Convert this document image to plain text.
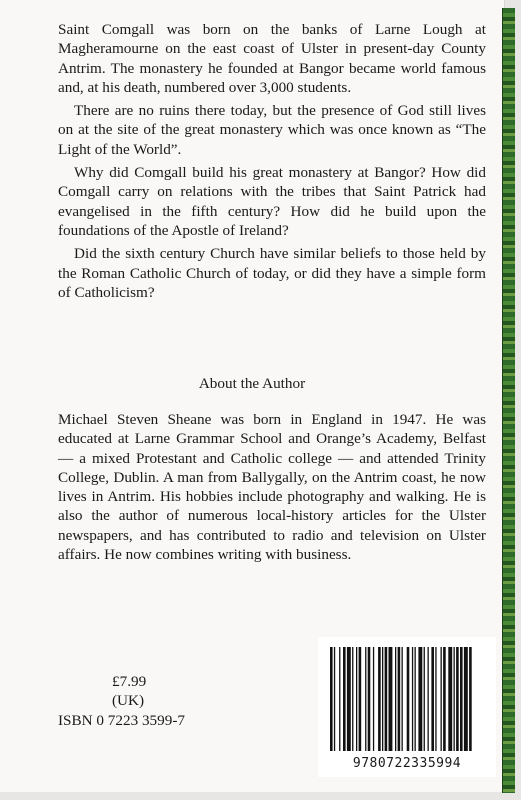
Saint Comgall was born on the banks of Larne Lough at Magheramourne on the east coast of Ulster in present-day County Antrim. The monastery he founded at Bangor became world famous and, at his death, numbered over 3,000 students.

There are no ruins there today, but the presence of God still lives on at the site of the great monastery which was once known as “The Light of the World”.

Why did Comgall build his great monastery at Bangor? How did Comgall carry on relations with the tribes that Saint Patrick had evangelised in the fifth century? How did he build upon the foundations of the Apostle of Ireland?

Did the sixth century Church have similar beliefs to those held by the Roman Catholic Church of today, or did they have a simple form of Catholicism?

About the Author

Michael Steven Sheane was born in England in 1947. He was educated at Larne Grammar School and Orange’s Academy, Belfast — a mixed Protestant and Catholic college — and attended Trinity College, Dublin. A man from Ballygally, on the Antrim coast, he now lives in Antrim. His hobbies include photography and walking. He is also the author of numerous local-history articles for the Ulster newspapers, and has contributed to radio and television on Ulster affairs. He now combines writing with business.

£7.99
(UK)
ISBN 0 7223 3599-7
9780722335994
